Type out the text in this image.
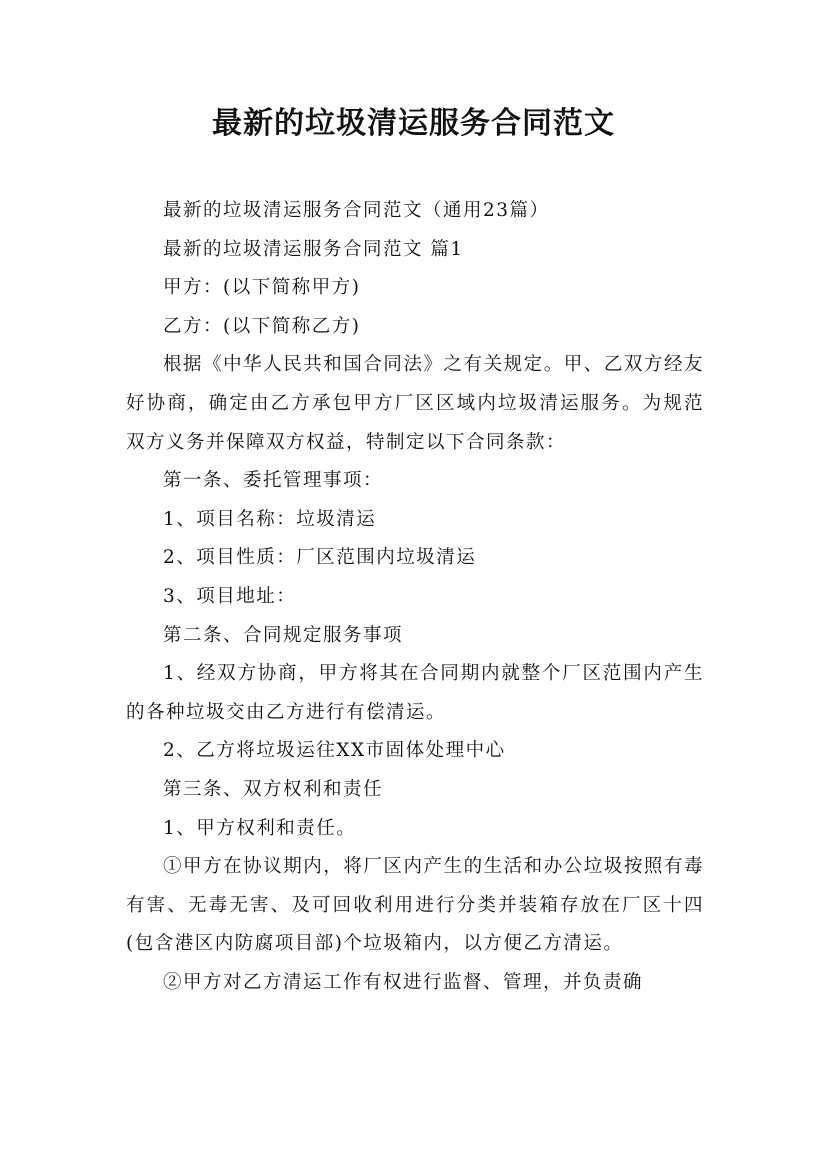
最新的垃圾清运服务合同范文

最新的垃圾清运服务合同范文（通用23篇）

最新的垃圾清运服务合同范文 篇1

甲方：(以下简称甲方)

乙方：(以下简称乙方)

根据《中华人民共和国合同法》之有关规定。甲、乙双方经友好协商，确定由乙方承包甲方厂区区域内垃圾清运服务。为规范双方义务并保障双方权益，特制定以下合同条款：

第一条、委托管理事项：

1、项目名称：垃圾清运

2、项目性质：厂区范围内垃圾清运

3、项目地址：

第二条、合同规定服务事项

1、经双方协商，甲方将其在合同期内就整个厂区范围内产生的各种垃圾交由乙方进行有偿清运。

2、乙方将垃圾运往XX市固体处理中心

第三条、双方权利和责任

1、甲方权利和责任。

①甲方在协议期内，将厂区内产生的生活和办公垃圾按照有毒有害、无毒无害、及可回收利用进行分类并装箱存放在厂区十四(包含港区内防腐项目部)个垃圾箱内，以方便乙方清运。

②甲方对乙方清运工作有权进行监督、管理，并负责确
